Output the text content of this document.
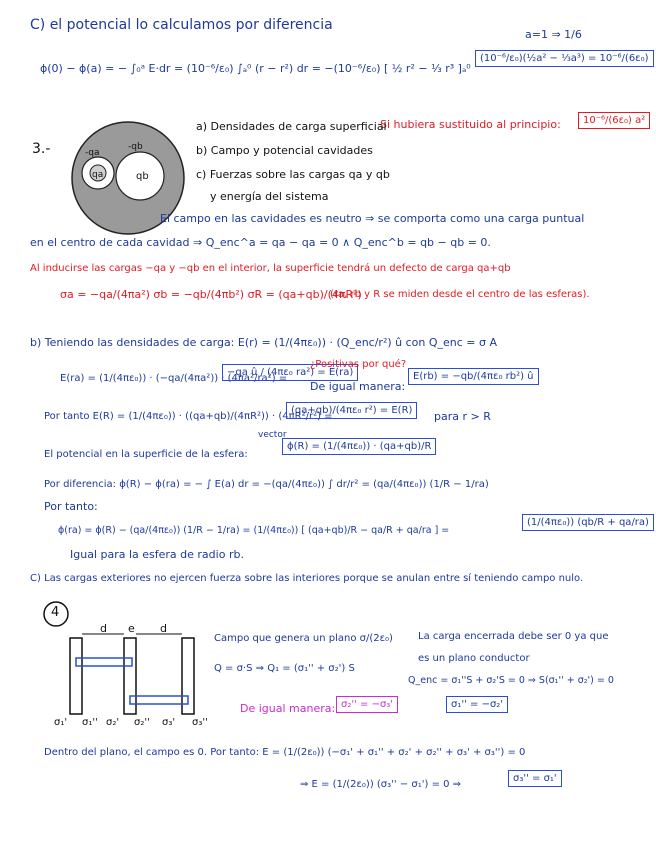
C) el potencial lo calculamos por diferencia
ϕ(0) − ϕ(a) = − ∫₀ᵃ E·dr = (10⁻⁶/ε₀) ∫ₐ⁰ (r − r²) dr = −(10⁻⁶/ε₀) [ ½ r² − ⅓ r³ ]ₐ⁰
(10⁻⁶/ε₀)(½a² − ⅓a³) = 10⁻⁶/(6ε₀)
a=1 ⇒ 1/6
Si hubiera sustituido al principio:	10⁻⁶/(6ε₀) a²
3.-	-qa
-qb
qa	qb
a) Densidades de carga superficial
b) Campo y potencial cavidades
c) Fuerzas sobre las cargas qa y qb
y energía del sistema
El campo en las cavidades es neutro ⇒ se comporta como una carga puntual
en el centro de cada cavidad ⇒ Q_enc^a = qa − qa = 0 ∧ Q_enc^b = qb − qb = 0.
Al inducirse las cargas −qa y −qb en el interior, la superficie tendrá un defecto de carga qa+qb
σa = −qa/(4πa²) σb = −qb/(4πb²) σR = (qa+qb)/(4πR²)
(ra, rb y R se miden desde el centro de las esferas).
b) Teniendo las densidades de carga: E(r) = (1/(4πε₀)) · (Q_enc/r²) û con Q_enc = σ A
E(ra) = (1/(4πε₀)) · (−qa/(4πa²)) · (4πa²/ra²) =
−qa û / (4πε₀ ra²) = E(ra)
¿Positivas por qué?
De igual manera:
E(rb) = −qb/(4πε₀ rb²) û
Por tanto E(R) = (1/(4πε₀)) · ((qa+qb)/(4πR²)) · (4πR²/r²) =
(qa+qb)/(4πε₀ r²) = E(R)	para r > R
vector
El potencial en la superficie de la esfera:
ϕ(R) = (1/(4πε₀)) · (qa+qb)/R
Por diferencia: ϕ(R) − ϕ(ra) = − ∫ E(a) dr = −(qa/(4πε₀)) ∫ dr/r² = (qa/(4πε₀)) (1/R − 1/ra)
Por tanto:
ϕ(ra) = ϕ(R) − (qa/(4πε₀)) (1/R − 1/ra) = (1/(4πε₀)) [ (qa+qb)/R − qa/R + qa/ra ] =
(1/(4πε₀)) (qb/R + qa/ra)
Igual para la esfera de radio rb.
C) Las cargas exteriores no ejercen fuerza sobre las interiores porque se anulan entre sí teniendo campo nulo.
4
d e d
σ₁' σ₁'' σ₂' σ₂'' σ₃' σ₃''
Campo que genera un plano σ/(2ε₀)
Q = σ·S ⇒ Q₁ = (σ₁'' + σ₂') S
La carga encerrada debe ser 0 ya que
es un plano conductor
Q_enc = σ₁''S + σ₂'S = 0 ⇒ S(σ₁'' + σ₂') = 0
De igual manera: σ₂'' = −σ₃'	σ₁'' = −σ₂'
Dentro del plano, el campo es 0. Por tanto: E = (1/(2ε₀)) (−σ₁' + σ₁'' + σ₂' + σ₂'' + σ₃' + σ₃'') = 0
⇒ E = (1/(2ε₀)) (σ₃'' − σ₁') = 0 ⇒
σ₃'' = σ₁'
